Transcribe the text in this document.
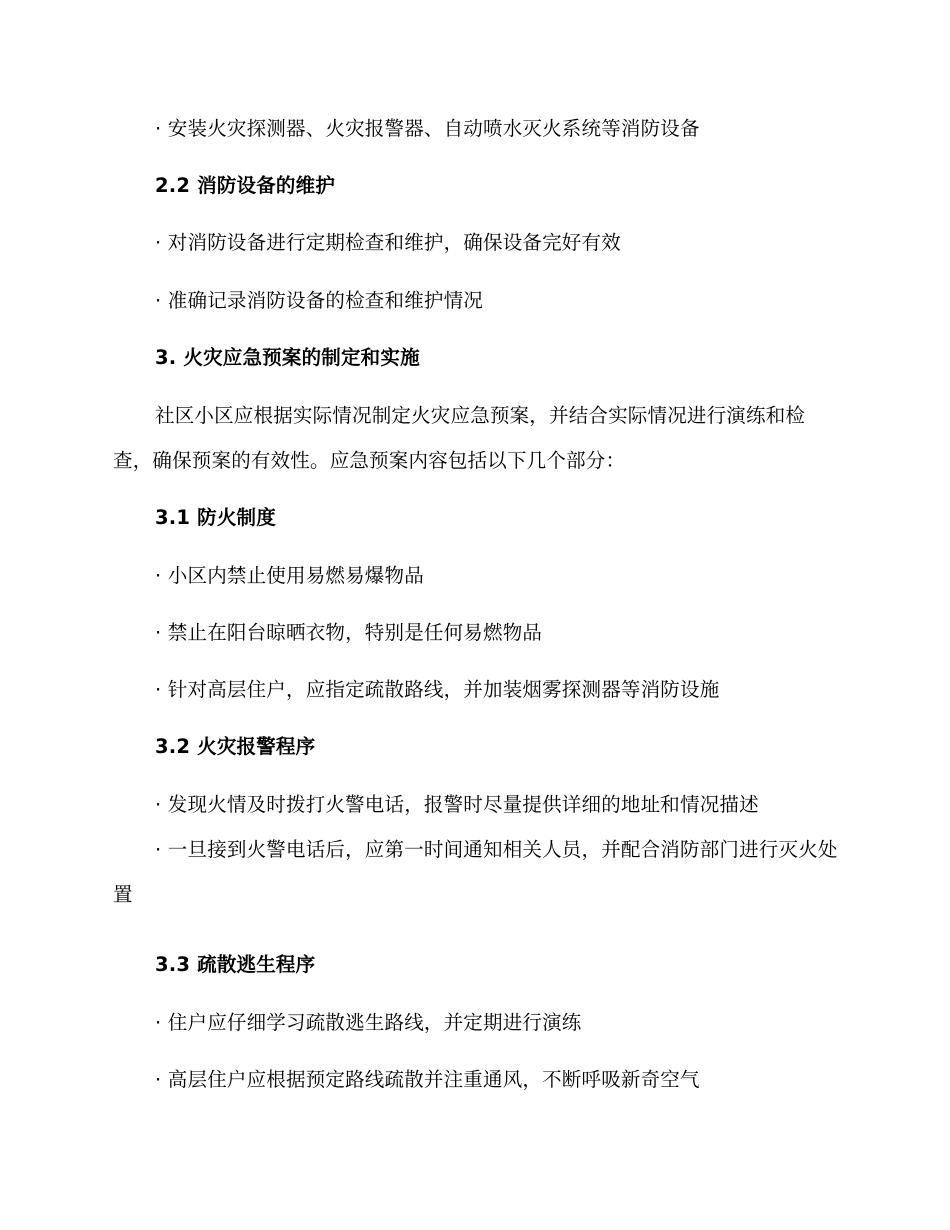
· 安装火灾探测器、火灾报警器、自动喷水灭火系统等消防设备
2.2 消防设备的维护
· 对消防设备进行定期检查和维护，确保设备完好有效
· 准确记录消防设备的检查和维护情况
3. 火灾应急预案的制定和实施
社区小区应根据实际情况制定火灾应急预案，并结合实际情况进行演练和检查，确保预案的有效性。应急预案内容包括以下几个部分：
3.1 防火制度
· 小区内禁止使用易燃易爆物品
· 禁止在阳台晾晒衣物，特别是任何易燃物品
· 针对高层住户，应指定疏散路线，并加装烟雾探测器等消防设施
3.2 火灾报警程序
· 发现火情及时拨打火警电话，报警时尽量提供详细的地址和情况描述
· 一旦接到火警电话后，应第一时间通知相关人员，并配合消防部门进行灭火处置
3.3 疏散逃生程序
· 住户应仔细学习疏散逃生路线，并定期进行演练
· 高层住户应根据预定路线疏散并注重通风，不断呼吸新奇空气
